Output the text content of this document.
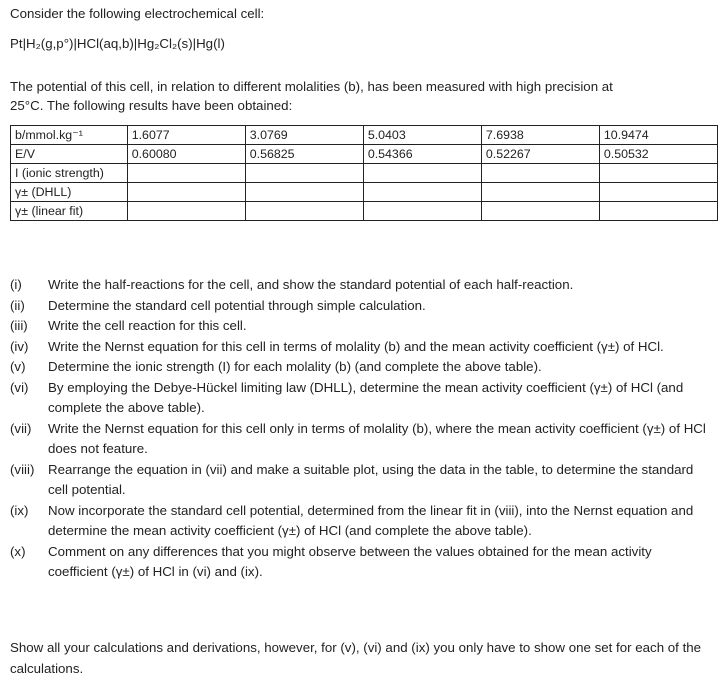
Consider the following electrochemical cell:

Pt|H₂(g,p°)|HCl(aq,b)|Hg₂Cl₂(s)|Hg(l)

The potential of this cell, in relation to different molalities (b), has been measured with high precision at

25°C. The following results have been obtained:

b/mmol.kg⁻¹	1.6077	3.0769	5.0403	7.6938	10.9474
E/V	0.60080	0.56825	0.54366	0.52267	0.50532
I (ionic strength)					
γ± (DHLL)					
γ± (linear fit)					
(i)	Write the half-reactions for the cell, and show the standard potential of each half-reaction.
(ii)	Determine the standard cell potential through simple calculation.
(iii)	Write the cell reaction for this cell.
(iv)	Write the Nernst equation for this cell in terms of molality (b) and the mean activity coefficient (γ±) of HCl.
(v)	Determine the ionic strength (I) for each molality (b) (and complete the above table).
(vi)	By employing the Debye-Hückel limiting law (DHLL), determine the mean activity coefficient (γ±) of HCl (and complete the above table).
(vii)	Write the Nernst equation for this cell only in terms of molality (b), where the mean activity coefficient (γ±) of HCl does not feature.
(viii)	Rearrange the equation in (vii) and make a suitable plot, using the data in the table, to determine the standard cell potential.
(ix)	Now incorporate the standard cell potential, determined from the linear fit in (viii), into the Nernst equation and determine the mean activity coefficient (γ±) of HCl (and complete the above table).
(x)	Comment on any differences that you might observe between the values obtained for the mean activity coefficient (γ±) of HCl in (vi) and (ix).

Show all your calculations and derivations, however, for (v), (vi) and (ix) you only have to show one set for each of the calculations.
